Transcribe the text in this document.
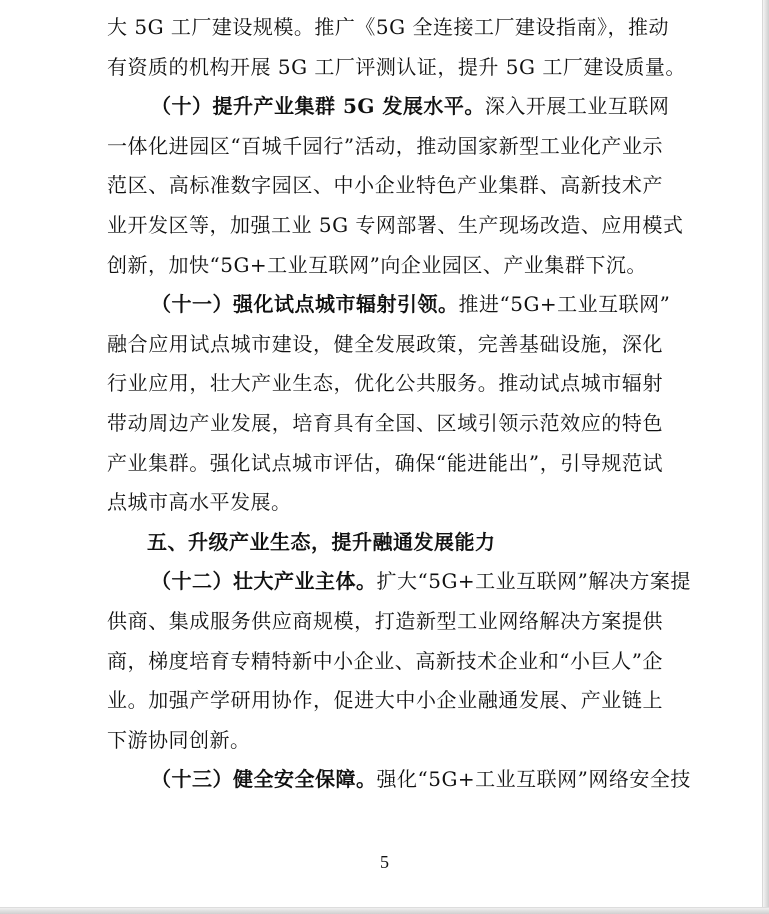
大 5G 工厂建设规模。推广《5G 全连接工厂建设指南》，推动
有资质的机构开展 5G 工厂评测认证，提升 5G 工厂建设质量。
（十）提升产业集群 5G 发展水平。深入开展工业互联网
一体化进园区“百城千园行”活动，推动国家新型工业化产业示
范区、高标准数字园区、中小企业特色产业集群、高新技术产
业开发区等，加强工业 5G 专网部署、生产现场改造、应用模式
创新，加快“5G+工业互联网”向企业园区、产业集群下沉。
（十一）强化试点城市辐射引领。推进“5G+工业互联网”
融合应用试点城市建设，健全发展政策，完善基础设施，深化
行业应用，壮大产业生态，优化公共服务。推动试点城市辐射
带动周边产业发展，培育具有全国、区域引领示范效应的特色
产业集群。强化试点城市评估，确保“能进能出”，引导规范试
点城市高水平发展。
五、升级产业生态，提升融通发展能力
（十二）壮大产业主体。扩大“5G+工业互联网”解决方案提
供商、集成服务供应商规模，打造新型工业网络解决方案提供
商，梯度培育专精特新中小企业、高新技术企业和“小巨人”企
业。加强产学研用协作，促进大中小企业融通发展、产业链上
下游协同创新。
（十三）健全安全保障。强化“5G+工业互联网”网络安全技
5
